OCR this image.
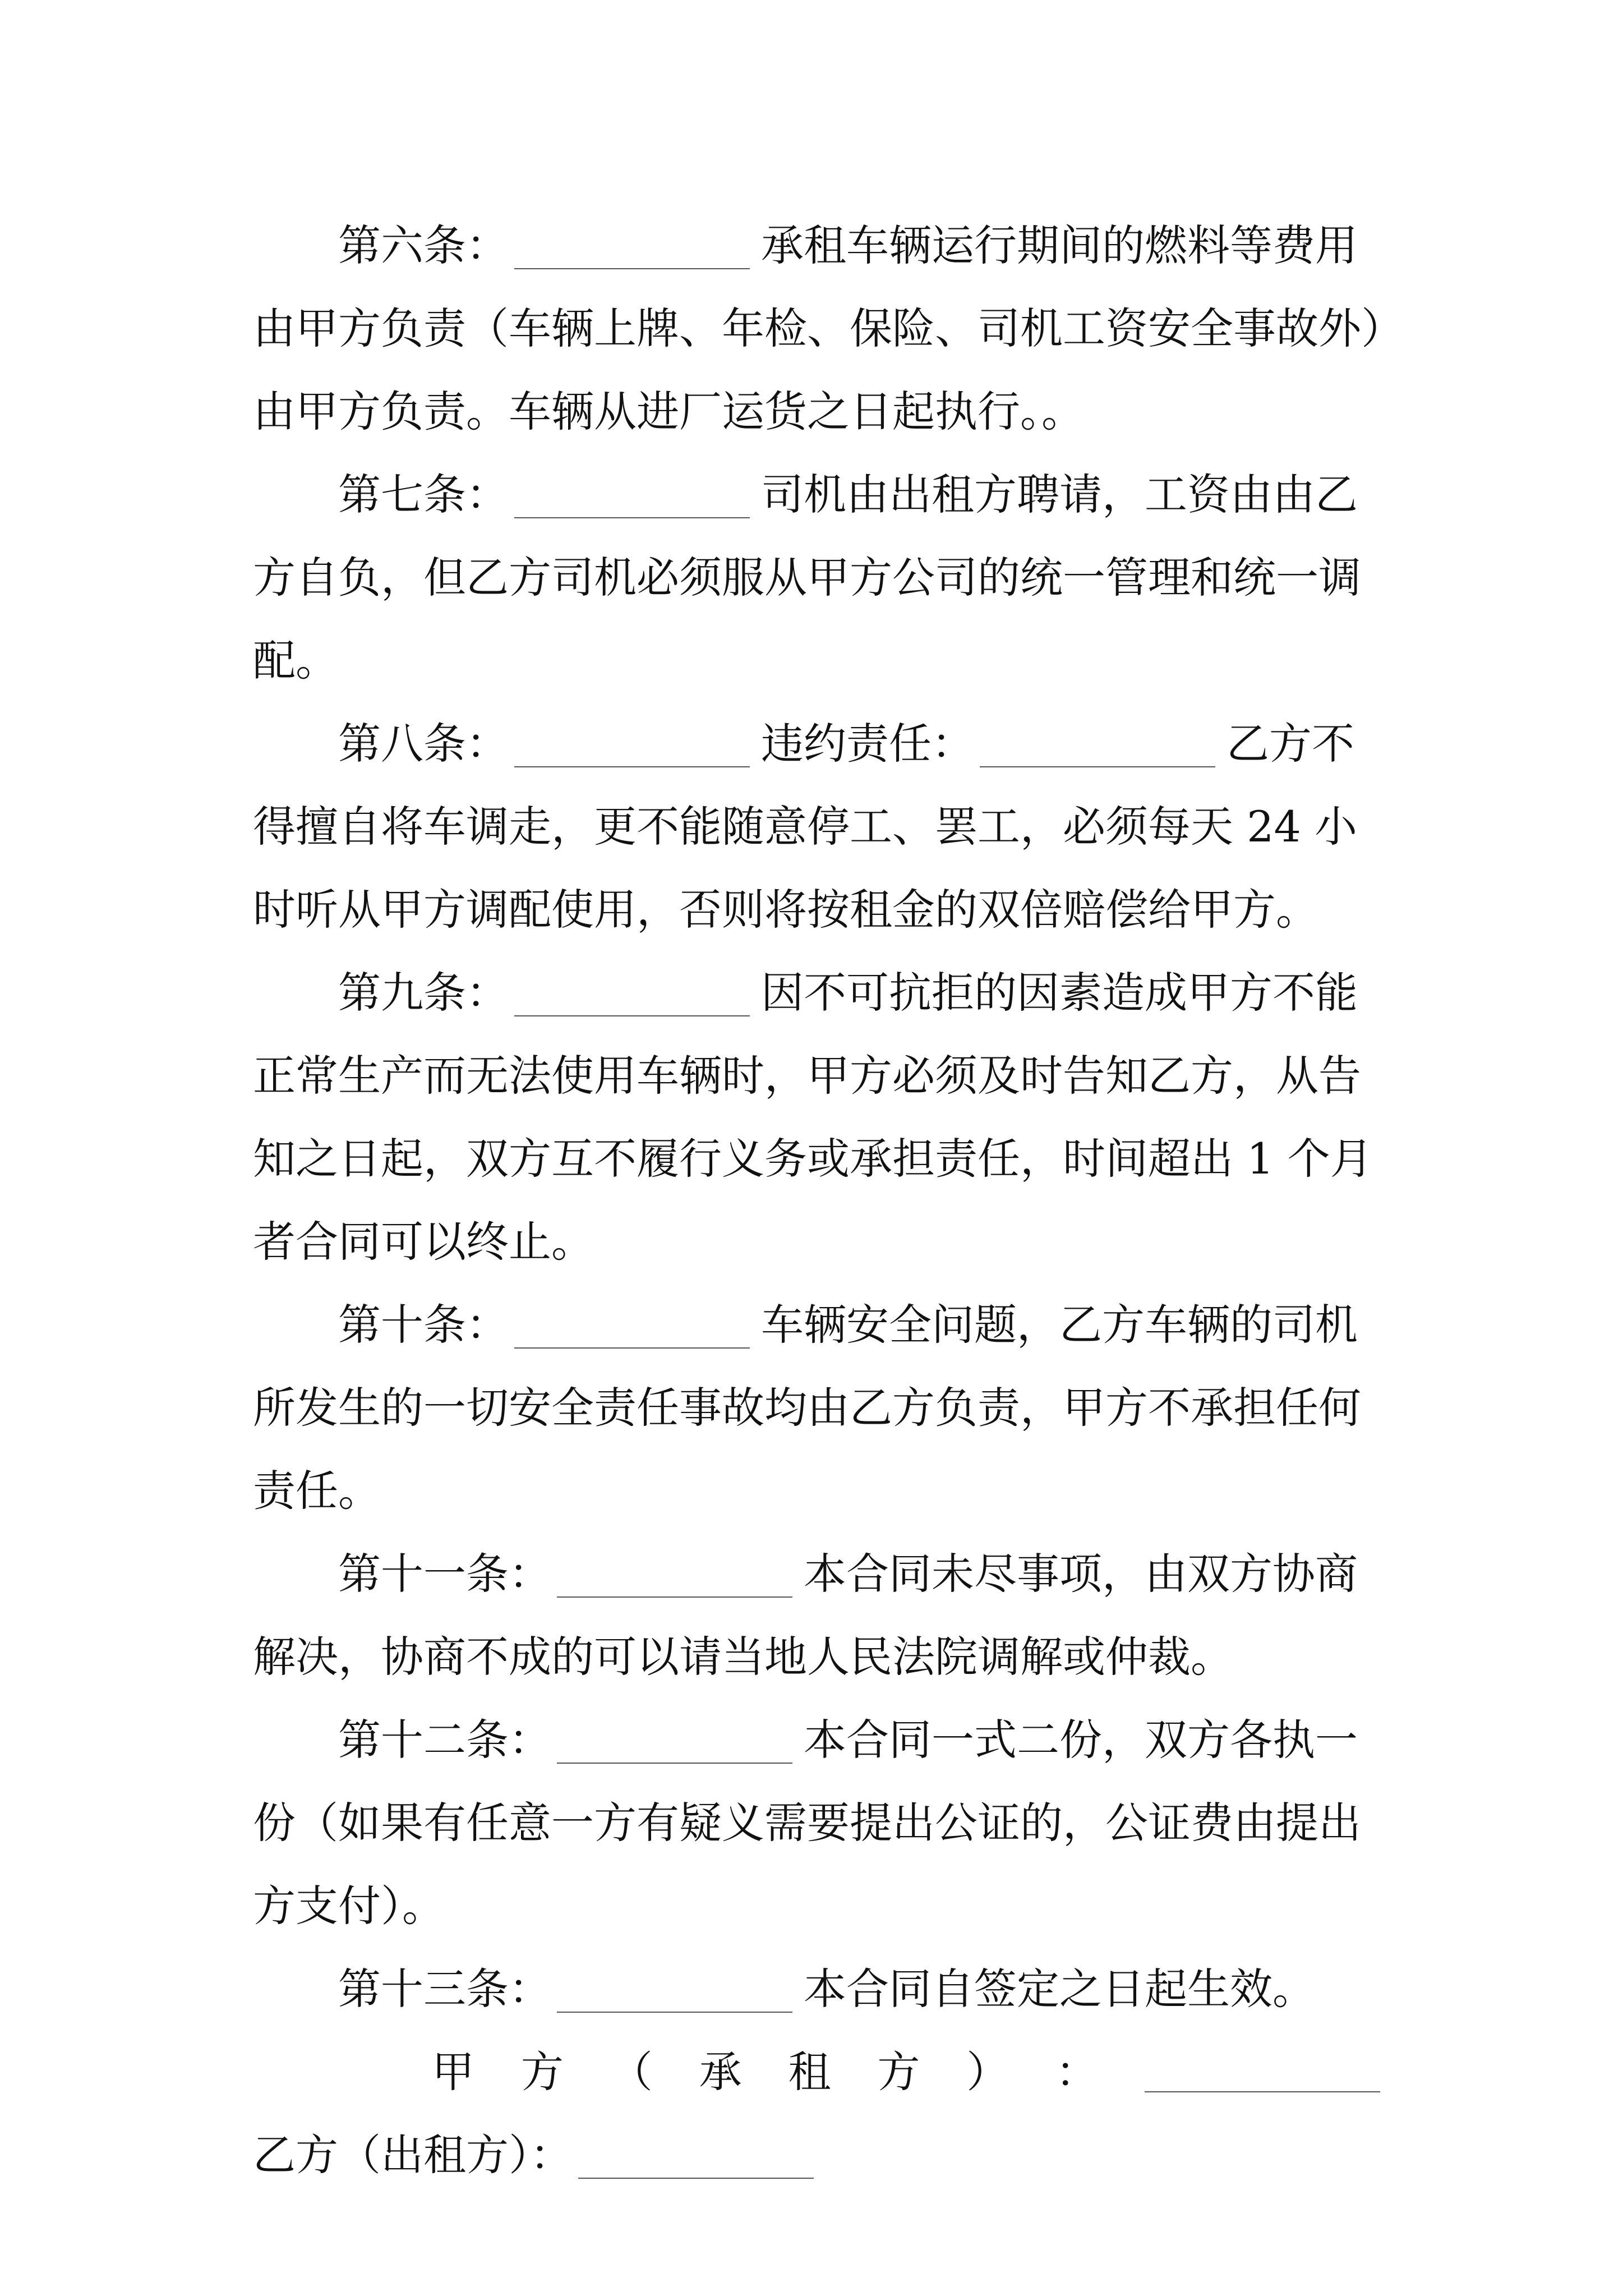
第六条：	承租车辆运行期间的燃料等费用
由甲方负责（车辆上牌、年检、保险、司机工资安全事故外）
由甲方负责。车辆从进厂运货之日起执行。。
第七条：	司机由出租方聘请，工资由由乙
方自负，但乙方司机必须服从甲方公司的统一管理和统一调
配。
第八条：	违约责任：	乙方不
得擅自将车调走，更不能随意停工、罢工，必须每天 24 小
时听从甲方调配使用，否则将按租金的双倍赔偿给甲方。
第九条：	因不可抗拒的因素造成甲方不能
正常生产而无法使用车辆时，甲方必须及时告知乙方，从告
知之日起，双方互不履行义务或承担责任，时间超出 1 个月
者合同可以终止。
第十条：	车辆安全问题，乙方车辆的司机
所发生的一切安全责任事故均由乙方负责，甲方不承担任何
责任。
第十一条：	本合同未尽事项，由双方协商
解决，协商不成的可以请当地人民法院调解或仲裁。
第十二条：	本合同一式二份，双方各执一
份（如果有任意一方有疑义需要提出公证的，公证费由提出
方支付）。
第十三条：	本合同自签定之日起生效。
甲 方 （ 承 租 方 ） ：
乙方（出租方）：
